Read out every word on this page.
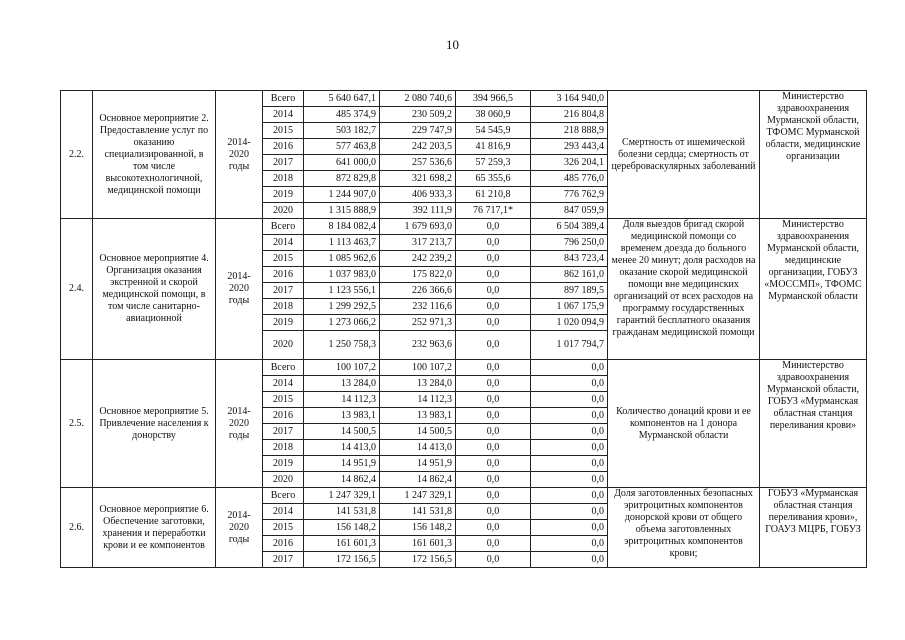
10
2.2.	Основное мероприятие 2. Предоставление услуг по оказанию специализированной, в том числе высокотехнологичной, медицинской помощи	2014-2020 годы	Всего	5 640 647,1	2 080 740,6	394 966,5	3 164 940,0	Смертность от ишемической болезни сердца; смертность от цереброваскулярных заболеваний	Министерство здравоохранения Мурманской области, ТФОМС Мурманской области, медицинские организации
			2014	485 374,9	230 509,2	38 060,9	216 804,8		
			2015	503 182,7	229 747,9	54 545,9	218 888,9		
			2016	577 463,8	242 203,5	41 816,9	293 443,4		
			2017	641 000,0	257 536,6	57 259,3	326 204,1		
			2018	872 829,8	321 698,2	65 355,6	485 776,0		
			2019	1 244 907,0	406 933,3	61 210,8	776 762,9		
			2020	1 315 888,9	392 111,9	76 717,1*	847 059,9		
2.4.	Основное мероприятие 4. Организация оказания экстренной и скорой медицинской помощи, в том числе санитарно-авиационной	2014-2020 годы	Всего	8 184 082,4	1 679 693,0	0,0	6 504 389,4	Доля выездов бригад скорой медицинской помощи со временем доезда до больного менее 20 минут; доля расходов на оказание скорой медицинской помощи вне медицинских организаций от всех расходов на программу государственных гарантий бесплатного оказания гражданам медицинской помощи	Министерство здравоохранения Мурманской области, медицинские организации, ГОБУЗ «МОССМП», ТФОМС Мурманской области
			2014	1 113 463,7	317 213,7	0,0	796 250,0		
			2015	1 085 962,6	242 239,2	0,0	843 723,4		
			2016	1 037 983,0	175 822,0	0,0	862 161,0		
			2017	1 123 556,1	226 366,6	0,0	897 189,5		
			2018	1 299 292,5	232 116,6	0,0	1 067 175,9		
			2019	1 273 066,2	252 971,3	0,0	1 020 094,9		
			2020	1 250 758,3	232 963,6	0,0	1 017 794,7		
2.5.	Основное мероприятие 5. Привлечение населения к донорству	2014-2020 годы	Всего	100 107,2	100 107,2	0,0	0,0	Количество донаций крови и ее компонентов на 1 донора Мурманской области	Министерство здравоохранения Мурманской области, ГОБУЗ «Мурманская областная станция переливания крови»
			2014	13 284,0	13 284,0	0,0	0,0		
			2015	14 112,3	14 112,3	0,0	0,0		
			2016	13 983,1	13 983,1	0,0	0,0		
			2017	14 500,5	14 500,5	0,0	0,0		
			2018	14 413,0	14 413,0	0,0	0,0		
			2019	14 951,9	14 951,9	0,0	0,0		
			2020	14 862,4	14 862,4	0,0	0,0		
2.6.	Основное мероприятие 6. Обеспечение заготовки, хранения и переработки крови и ее компонентов	2014-2020 годы	Всего	1 247 329,1	1 247 329,1	0,0	0,0	Доля заготовленных безопасных эритроцитных компонентов донорской крови от общего объема заготовленных эритроцитных компонентов крови;	ГОБУЗ «Мурманская областная станция переливания крови», ГОАУЗ МЦРБ, ГОБУЗ
			2014	141 531,8	141 531,8	0,0	0,0		
			2015	156 148,2	156 148,2	0,0	0,0		
			2016	161 601,3	161 601,3	0,0	0,0		
			2017	172 156,5	172 156,5	0,0	0,0		
